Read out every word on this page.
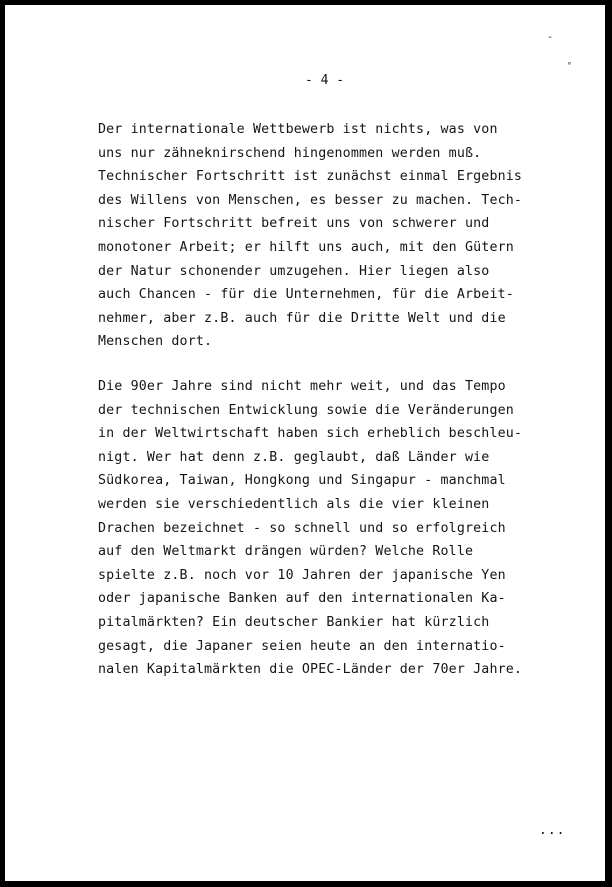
-
°
- 4 -

Der internationale Wettbewerb ist nichts, was von
uns nur zähneknirschend hingenommen werden muß.
Technischer Fortschritt ist zunächst einmal Ergebnis
des Willens von Menschen, es besser zu machen. Tech-
nischer Fortschritt befreit uns von schwerer und
monotoner Arbeit; er hilft uns auch, mit den Gütern
der Natur schonender umzugehen. Hier liegen also
auch Chancen - für die Unternehmen, für die Arbeit-
nehmer, aber z.B. auch für die Dritte Welt und die
Menschen dort.

Die 90er Jahre sind nicht mehr weit, und das Tempo
der technischen Entwicklung sowie die Veränderungen
in der Weltwirtschaft haben sich erheblich beschleu-
nigt. Wer hat denn z.B. geglaubt, daß Länder wie
Südkorea, Taiwan, Hongkong und Singapur - manchmal
werden sie verschiedentlich als die vier kleinen
Drachen bezeichnet - so schnell und so erfolgreich
auf den Weltmarkt drängen würden? Welche Rolle
spielte z.B. noch vor 10 Jahren der japanische Yen
oder japanische Banken auf den internationalen Ka-
pitalmärkten? Ein deutscher Bankier hat kürzlich
gesagt, die Japaner seien heute an den internatio-
nalen Kapitalmärkten die OPEC-Länder der 70er Jahre.

...
